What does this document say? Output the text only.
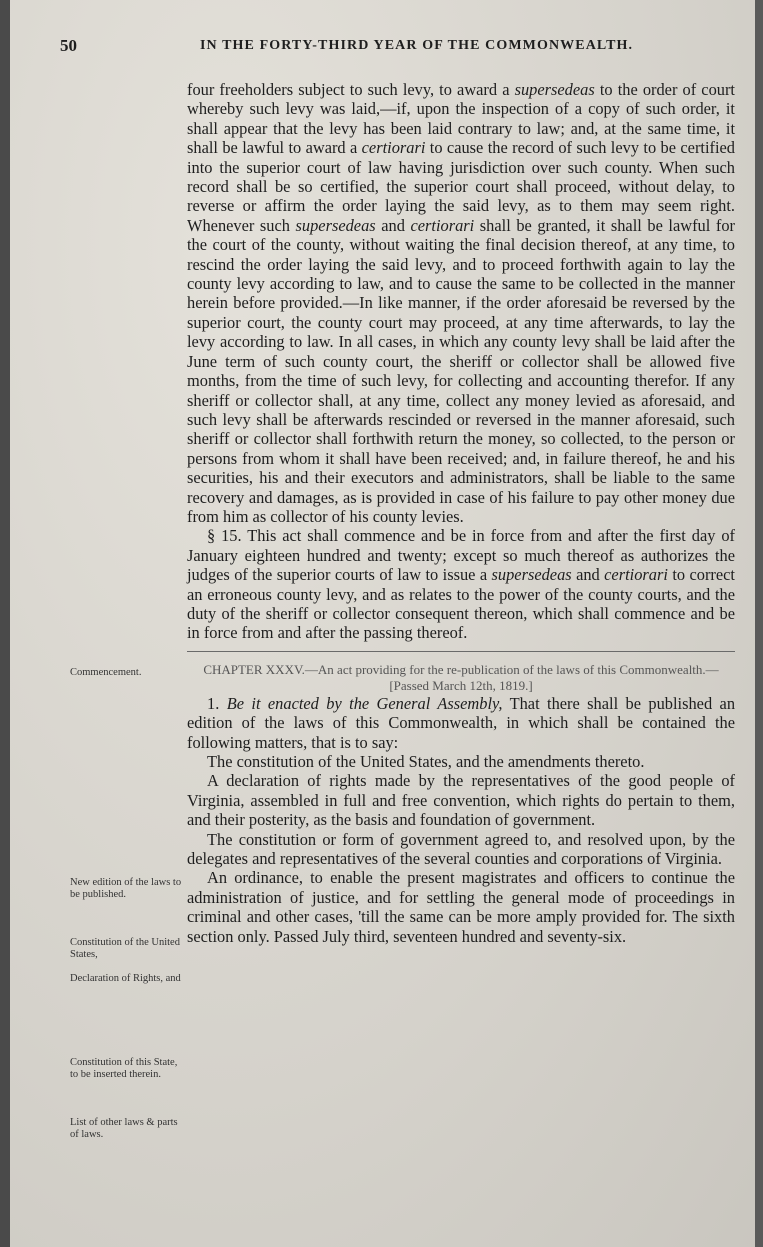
50	IN THE FORTY-THIRD YEAR OF THE COMMONWEALTH.
Commencement.
New edition of the laws to be published.
Constitution of the United States,
Declaration of Rights, and
Constitution of this State, to be inserted therein.
List of other laws & parts of laws.

four freeholders subject to such levy, to award a supersedeas to the order of court whereby such levy was laid,—if, upon the inspection of a copy of such order, it shall appear that the levy has been laid contrary to law; and, at the same time, it shall be lawful to award a certiorari to cause the record of such levy to be certified into the superior court of law having jurisdiction over such county. When such record shall be so certified, the superior court shall proceed, without delay, to reverse or affirm the order laying the said levy, as to them may seem right. Whenever such supersedeas and certiorari shall be granted, it shall be lawful for the court of the county, without waiting the final decision thereof, at any time, to rescind the order laying the said levy, and to proceed forthwith again to lay the county levy according to law, and to cause the same to be collected in the manner herein before provided.—In like manner, if the order aforesaid be reversed by the superior court, the county court may proceed, at any time afterwards, to lay the levy according to law. In all cases, in which any county levy shall be laid after the June term of such county court, the sheriff or collector shall be allowed five months, from the time of such levy, for collecting and accounting therefor. If any sheriff or collector shall, at any time, collect any money levied as aforesaid, and such levy shall be afterwards rescinded or reversed in the manner aforesaid, such sheriff or collector shall forthwith return the money, so collected, to the person or persons from whom it shall have been received; and, in failure thereof, he and his securities, his and their executors and administrators, shall be liable to the same recovery and damages, as is provided in case of his failure to pay other money due from him as collector of his county levies.

§ 15. This act shall commence and be in force from and after the first day of January eighteen hundred and twenty; except so much thereof as authorizes the judges of the superior courts of law to issue a supersedeas and certiorari to correct an erroneous county levy, and as relates to the power of the county courts, and the duty of the sheriff or collector consequent thereon, which shall commence and be in force from and after the passing thereof.

CHAPTER XXXV.—An act providing for the re-publication of the laws of this Commonwealth.—[Passed March 12th, 1819.]

1. Be it enacted by the General Assembly, That there shall be published an edition of the laws of this Commonwealth, in which shall be contained the following matters, that is to say:

The constitution of the United States, and the amendments thereto.

A declaration of rights made by the representatives of the good people of Virginia, assembled in full and free convention, which rights do pertain to them, and their posterity, as the basis and foundation of government.

The constitution or form of government agreed to, and resolved upon, by the delegates and representatives of the several counties and corporations of Virginia.

An ordinance, to enable the present magistrates and officers to continue the administration of justice, and for settling the general mode of proceedings in criminal and other cases, 'till the same can be more amply provided for. The sixth section only. Passed July third, seventeen hundred and seventy-six.
